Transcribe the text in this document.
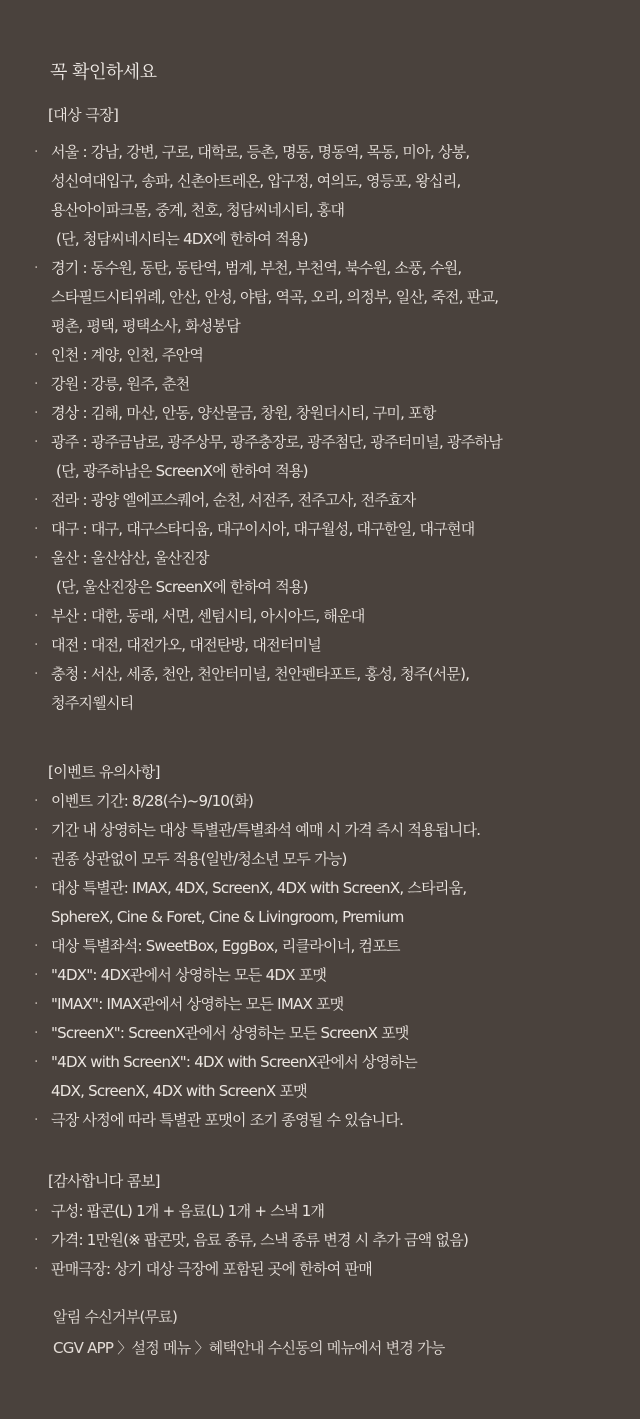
꼭 확인하세요
[대상 극장]
· 서울 : 강남, 강변, 구로, 대학로, 등촌, 명동, 명동역, 목동, 미아, 상봉,
성신여대입구, 송파, 신촌아트레온, 압구정, 여의도, 영등포, 왕십리,
용산아이파크몰, 중계, 천호, 청담씨네시티, 홍대
(단, 청담씨네시티는 4DX에 한하여 적용)
· 경기 : 동수원, 동탄, 동탄역, 범계, 부천, 부천역, 북수원, 소풍, 수원,
스타필드시티위례, 안산, 안성, 야탑, 역곡, 오리, 의정부, 일산, 죽전, 판교,
평촌, 평택, 평택소사, 화성봉담
· 인천 : 계양, 인천, 주안역
· 강원 : 강릉, 원주, 춘천
· 경상 : 김해, 마산, 안동, 양산물금, 창원, 창원더시티, 구미, 포항
· 광주 : 광주금남로, 광주상무, 광주충장로, 광주첨단, 광주터미널, 광주하남
(단, 광주하남은 ScreenX에 한하여 적용)
· 전라 : 광양 엘에프스퀘어, 순천, 서전주, 전주고사, 전주효자
· 대구 : 대구, 대구스타디움, 대구이시아, 대구월성, 대구한일, 대구현대
· 울산 : 울산삼산, 울산진장
(단, 울산진장은 ScreenX에 한하여 적용)
· 부산 : 대한, 동래, 서면, 센텀시티, 아시아드, 해운대
· 대전 : 대전, 대전가오, 대전탄방, 대전터미널
· 충청 : 서산, 세종, 천안, 천안터미널, 천안펜타포트, 홍성, 청주(서문),
청주지웰시티
[이벤트 유의사항]
· 이벤트 기간: 8/28(수)~9/10(화)
· 기간 내 상영하는 대상 특별관/특별좌석 예매 시 가격 즉시 적용됩니다.
· 권종 상관없이 모두 적용(일반/청소년 모두 가능)
· 대상 특별관: IMAX, 4DX, ScreenX, 4DX with ScreenX, 스타리움,
SphereX, Cine & Foret, Cine & Livingroom, Premium
· 대상 특별좌석: SweetBox, EggBox, 리클라이너, 컴포트
· "4DX": 4DX관에서 상영하는 모든 4DX 포맷
· "IMAX": IMAX관에서 상영하는 모든 IMAX 포맷
· "ScreenX": ScreenX관에서 상영하는 모든 ScreenX 포맷
· "4DX with ScreenX": 4DX with ScreenX관에서 상영하는
4DX, ScreenX, 4DX with ScreenX 포맷
· 극장 사정에 따라 특별관 포맷이 조기 종영될 수 있습니다.
[감사합니다 콤보]
· 구성: 팝콘(L) 1개 + 음료(L) 1개 + 스낵 1개
· 가격: 1만원(※ 팝콘맛, 음료 종류, 스낵 종류 변경 시 추가 금액 없음)
· 판매극장: 상기 대상 극장에 포함된 곳에 한하여 판매
알림 수신거부(무료)
CGV APP 〉설정 메뉴 〉혜택안내 수신동의 메뉴에서 변경 가능
